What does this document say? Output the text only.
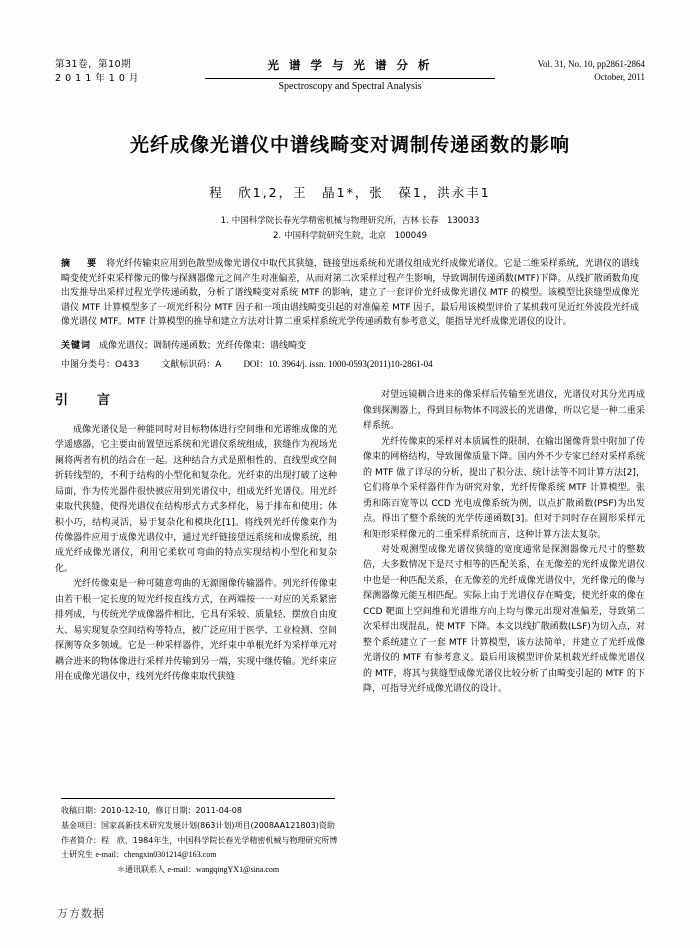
第31卷，第10期
2 0 1 1 年 1 0 月
光 谱 学 与 光 谱 分 析
Spectroscopy and Spectral Analysis
Vol. 31, No. 10, pp2861-2864
October, 2011
光纤成像光谱仪中谱线畸变对调制传递函数的影响
程　欣1,2，王　晶1*，张　葆1，洪永丰1
1. 中国科学院长春光学精密机械与物理研究所，吉林 长春　130033
2. 中国科学院研究生院，北京　100049
摘　要 将光纤传输束应用到色散型成像光谱仪中取代其狭缝，链接望远系统和光谱仪组成光纤成像光谱仪。它是二维采样系统，光谱仪的谱线畸变使光纤束采样像元的像与探测器像元之间产生对准偏差，从而对第二次采样过程产生影响，导致调制传递函数(MTF)下降。从线扩散函数角度出发推导出采样过程光学传递函数，分析了谱线畸变对系统 MTF 的影响，建立了一套评价光纤成像光谱仪 MTF 的模型。该模型比狭缝型成像光谱仪 MTF 计算模型多了一项光纤积分 MTF 因子和一项由谱线畸变引起的对准偏差 MTF 因子，最后用该模型评价了某机载可见近红外波段光纤成像光谱仪 MTF。MTF 计算模型的推导和建立方法对计算二重采样系统光学传递函数有参考意义，能指导光纤成像光谱仪的设计。
关键词 成像光谱仪；调制传递函数；光纤传像束；谱线畸变
中图分类号：O433 文献标识码：A DOI：10. 3964/j. issn. 1000-0593(2011)10-2861-04
引　言

成像光谱仪是一种能同时对目标物体进行空间维和光谱维成像的光学遥感器，它主要由前置望远系统和光谱仪系统组成，狭缝作为视场光阑将两者有机的结合在一起。这种结合方式是照相性的、直线型或空间折转线型的，不利于结构的小型化和复杂化。光纤束的出现打破了这种局面，作为传光器件很快被应用到光谱仪中，组成光纤光谱仪。用光纤束取代狭缝，使得光谱仪在结构形式方式多样化，易于排布和使用；体积小巧，结构灵活，易于复杂化和模块化[1]。将线列光纤传像束作为传像器件应用于成像光谱仪中，通过光纤链接望远系统和成像系统，组成光纤成像光谱仪，利用它柔软可弯曲的特点实现结构小型化和复杂化。

光纤传像束是一种可随意弯曲的无源图像传输器件。列光纤传像束由若干根一定长度的短光纤按直线方式，在两端按一一对应的关系紧密排列成，与传统光学成像器件相比，它具有采较、质量轻、摆放自由度大、易实现复杂空间结构等特点，被广泛应用于医学、工业检测、空间探测等众多领域。它是一种采样器件，光纤束中单根光纤为采样单元对耦合进来的物体像进行采样并传输到另一端，实现中继传输。光纤束应用在成像光谱仪中，线列光纤传像束取代狭缝

对望远镜耦合进来的像采样后传输至光谱仪，光谱仪对其分光再成像到探测器上，得到目标物体不同波长的光谱像，所以它是一种二重采样系统。

光纤传像束的采样对本质属性的限制，在输出图像背景中附加了传像束的网格结构，导致图像质量下降。国内外不少专家已经对采样系统的 MTF 做了详尽的分析，提出了积分法、统计法等不同计算方法[2]，它们将单个采样器件作为研究对象，光纤传像系统 MTF 计算模型。张勇和陈百宽等以 CCD 光电成像系统为例，以点扩散函数(PSF)为出发点。得出了整个系统的光学传递函数[3]。但对于同时存在圆形采样元和矩形采样像元的二重采样系统而言，这种计算方法太复杂。

对处观测型成像光谱仪狭缝的宽度通常是探测器像元尺寸的整数倍，大多数情况下是尺寸相等的匹配关系，在无像差的光纤成像光谱仪中也是一种匹配关系，在无像差的光纤成像光谱仪中，光纤像元的像与探测器像元能互相匹配。实际上由于光谱仪存在畸变，使光纤束的像在 CCD 靶面上空间维和光谱维方向上均与像元出现对准偏差，导致第二次采样出现混乱，使 MTF 下降。本文以线扩散函数(LSF)为切入点，对整个系统建立了一套 MTF 计算模型，该方法简单，并建立了光纤成像光谱仪的 MTF 有参考意义。最后用该模型评价某机载光纤成像光谱仪的 MTF，将其与狭缝型成像光谱仪比较分析了由畸变引起的 MTF 的下降，可指导光纤成像光谱仪的设计。

收稿日期：2010-12-10，修订日期：2011-04-08
基金项目：国家高新技术研究发展计划(863计划)项目(2008AA121803)资助
作者简介：程　欣，1984年生，中国科学院长春光学精密机械与物理研究所博士研究生 e-mail：chengxin0301214@163.com
＊通讯联系人 e-mail：wangqingYX1@sina.com
万方数据
